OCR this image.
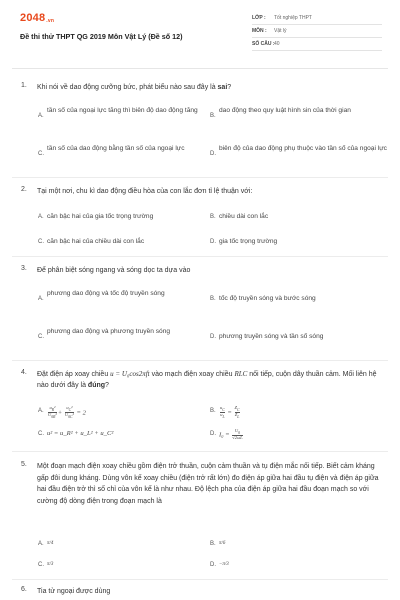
2048.vn
Đề thi thử THPT QG 2019 Môn Vật Lý (Đề số 12)
LỚP : Tốt nghiệp THPT
MÔN : Vật lý
SỐ CÂU : 40
1. Khi nói về dao động cưỡng bức, phát biểu nào sau đây là sai?
A.
tần số của ngoại lực tăng thì biên độ dao động tăng
B.
dao động theo quy luật hình sin của thời gian
C.
tần số của dao động bằng tần số của ngoại lực
D.
biên độ của dao động phụ thuộc vào tần số của ngoại lực
2. Tại một nơi, chu kì dao động điều hòa của con lắc đơn tỉ lệ thuận với:
A. căn bậc hai của gia tốc trọng trường	B. chiều dài con lắc
C. căn bậc hai của chiều dài con lắc	D. gia tốc trọng trường
3. Để phân biệt sóng ngang và sóng dọc ta dựa vào
A.
phương dao động và tốc độ truyền sóng
B. tốc độ truyền sóng và bước sóng
C.
phương dao động và phương truyền sóng
D. phương truyền sóng và tần số sóng
4. Đặt điện áp xoay chiều u = U₀cos2πft vào mạch điện xoay chiều RLC nối tiếp, cuộn dây thuần cảm. Mối liên hệ nào dưới đây là đúng?
A. $\frac{u_R^2}{U_{0R}^2} + \frac{u_C^2}{U_{0C}^2} = 2$	B. $\frac{u_C}{u_L} = \frac{Z_C}{Z_L}$
C. u² = u_R² + u_L² + u_C²	D. $I_0 = \frac{U_0}{√2\omega L}$
5. Một đoạn mạch điện xoay chiều gồm điện trở thuần, cuộn cảm thuần và tụ điện mắc nối tiếp. Biết cảm kháng gấp đôi dung kháng. Dùng vôn kế xoay chiều (điện trở rất lớn) đo điện áp giữa hai đầu tụ điện và điện áp giữa hai đầu điện trở thì số chỉ của vôn kế là như nhau. Độ lệch pha của điện áp giữa hai đầu đoạn mạch so với cường độ dòng điện trong đoạn mạch là
A. π/4	B. π/6
C. π/3	D. −π/3
6. Tia tử ngoại được dùng
